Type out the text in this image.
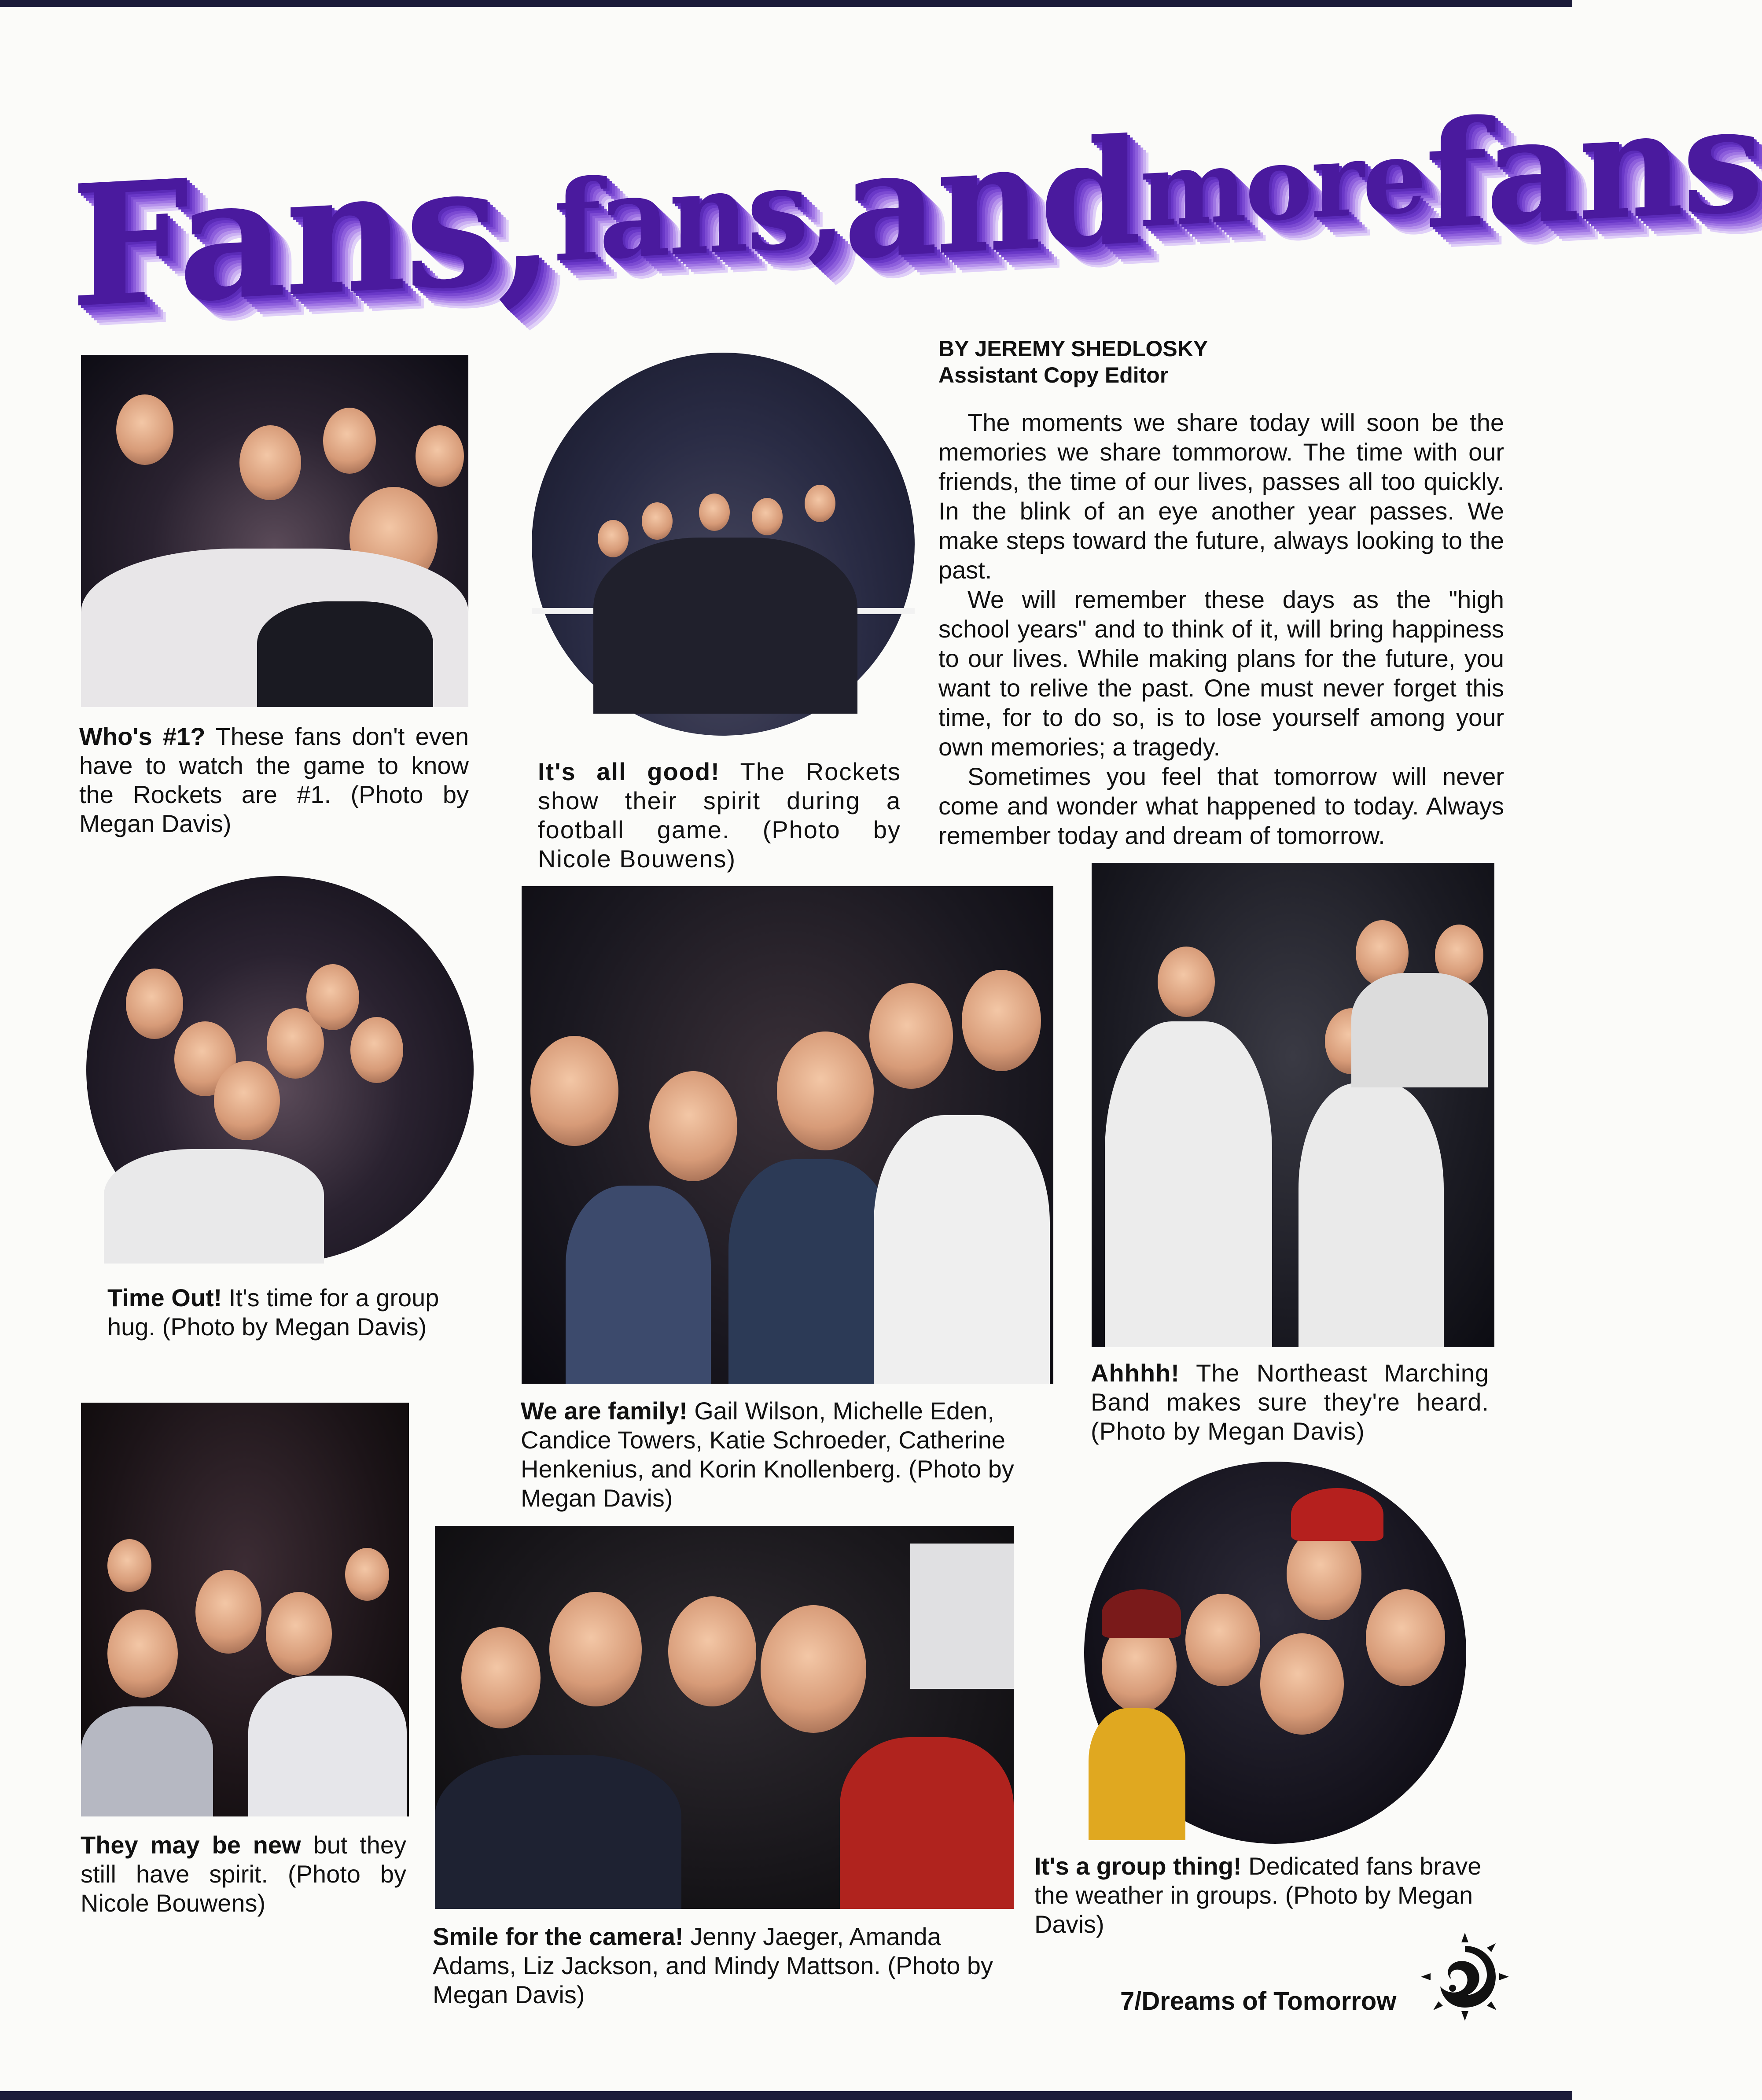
Fans, fans, and more fans
Who's #1? These fans don't even have to watch the game to know the Rockets are #1. (Photo by Megan Davis)
It's all good! The Rockets show their spirit during a football game. (Photo by Nicole Bouwens)
BY JEREMY SHEDLOSKY
Assistant Copy Editor

The moments we share today will soon be the memories we share tommorow. The time with our friends, the time of our lives, passes all too quickly. In the blink of an eye another year passes. We make steps toward the future, always looking to the past.

We will remember these days as the "high school years" and to think of it, will bring happiness to our lives. While making plans for the future, you want to relive the past. One must never forget this time, for to do so, is to lose yourself among your own memories; a tragedy.

Sometimes you feel that tomorrow will never come and wonder what happened to today. Always remember today and dream of tomorrow.

Time Out! It's time for a group hug. (Photo by Megan Davis)
We are family! Gail Wilson, Michelle Eden, Candice Towers, Katie Schroeder, Catherine Henkenius, and Korin Knollenberg. (Photo by Megan Davis)
Ahhhh! The Northeast Marching Band makes sure they're heard.(Photo by Megan Davis)
They may be new but they still have spirit. (Photo by Nicole Bouwens)
Smile for the camera! Jenny Jaeger, Amanda Adams, Liz Jackson, and Mindy Mattson. (Photo by Megan Davis)
It's a group thing! Dedicated fans brave the weather in groups. (Photo by Megan Davis)
7/Dreams of Tomorrow
